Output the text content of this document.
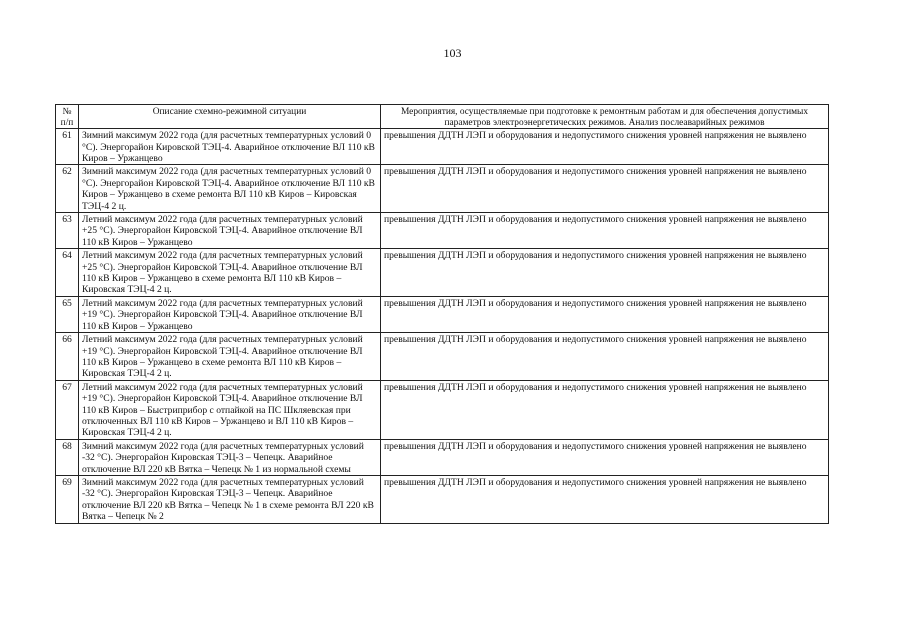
103
№ п/п	Описание схемно-режимной ситуации	Мероприятия, осуществляемые при подготовке к ремонтным работам и для обеспечения допустимых параметров электроэнергетических режимов. Анализ послеаварийных режимов
61	Зимний максимум 2022 года (для расчетных температурных условий 0 °С). Энергорайон Кировской ТЭЦ-4. Аварийное отключение ВЛ 110 кВ Киров – Уржанцево	превышения ДДТН ЛЭП и оборудования и недопустимого снижения уровней напряжения не выявлено
62	Зимний максимум 2022 года (для расчетных температурных условий 0 °С). Энергорайон Кировской ТЭЦ-4. Аварийное отключение ВЛ 110 кВ Киров – Уржанцево в схеме ремонта ВЛ 110 кВ Киров – Кировская ТЭЦ-4 2 ц.	превышения ДДТН ЛЭП и оборудования и недопустимого снижения уровней напряжения не выявлено
63	Летний максимум 2022 года (для расчетных температурных условий +25 °С). Энергорайон Кировской ТЭЦ-4. Аварийное отключение ВЛ 110 кВ Киров – Уржанцево	превышения ДДТН ЛЭП и оборудования и недопустимого снижения уровней напряжения не выявлено
64	Летний максимум 2022 года (для расчетных температурных условий +25 °С). Энергорайон Кировской ТЭЦ-4. Аварийное отключение ВЛ 110 кВ Киров – Уржанцево в схеме ремонта ВЛ 110 кВ Киров – Кировская ТЭЦ-4 2 ц.	превышения ДДТН ЛЭП и оборудования и недопустимого снижения уровней напряжения не выявлено
65	Летний максимум 2022 года (для расчетных температурных условий +19 °С). Энергорайон Кировской ТЭЦ-4. Аварийное отключение ВЛ 110 кВ Киров – Уржанцево	превышения ДДТН ЛЭП и оборудования и недопустимого снижения уровней напряжения не выявлено
66	Летний максимум 2022 года (для расчетных температурных условий +19 °С). Энергорайон Кировской ТЭЦ-4. Аварийное отключение ВЛ 110 кВ Киров – Уржанцево в схеме ремонта ВЛ 110 кВ Киров – Кировская ТЭЦ-4 2 ц.	превышения ДДТН ЛЭП и оборудования и недопустимого снижения уровней напряжения не выявлено
67	Летний максимум 2022 года (для расчетных температурных условий +19 °С). Энергорайон Кировской ТЭЦ-4. Аварийное отключение ВЛ 110 кВ Киров – Быстриприбор с отпайкой на ПС Шкляевская при отключенных ВЛ 110 кВ Киров – Уржанцево и ВЛ 110 кВ Киров – Кировская ТЭЦ-4 2 ц.	превышения ДДТН ЛЭП и оборудования и недопустимого снижения уровней напряжения не выявлено
68	Зимний максимум 2022 года (для расчетных температурных условий -32 °С). Энергорайон Кировская ТЭЦ-3 – Чепецк. Аварийное отключение ВЛ 220 кВ Вятка – Чепецк № 1 из нормальной схемы	превышения ДДТН ЛЭП и оборудования и недопустимого снижения уровней напряжения не выявлено
69	Зимний максимум 2022 года (для расчетных температурных условий -32 °С). Энергорайон Кировская ТЭЦ-3 – Чепецк. Аварийное отключение ВЛ 220 кВ Вятка – Чепецк № 1 в схеме ремонта ВЛ 220 кВ Вятка – Чепецк № 2	превышения ДДТН ЛЭП и оборудования и недопустимого снижения уровней напряжения не выявлено
